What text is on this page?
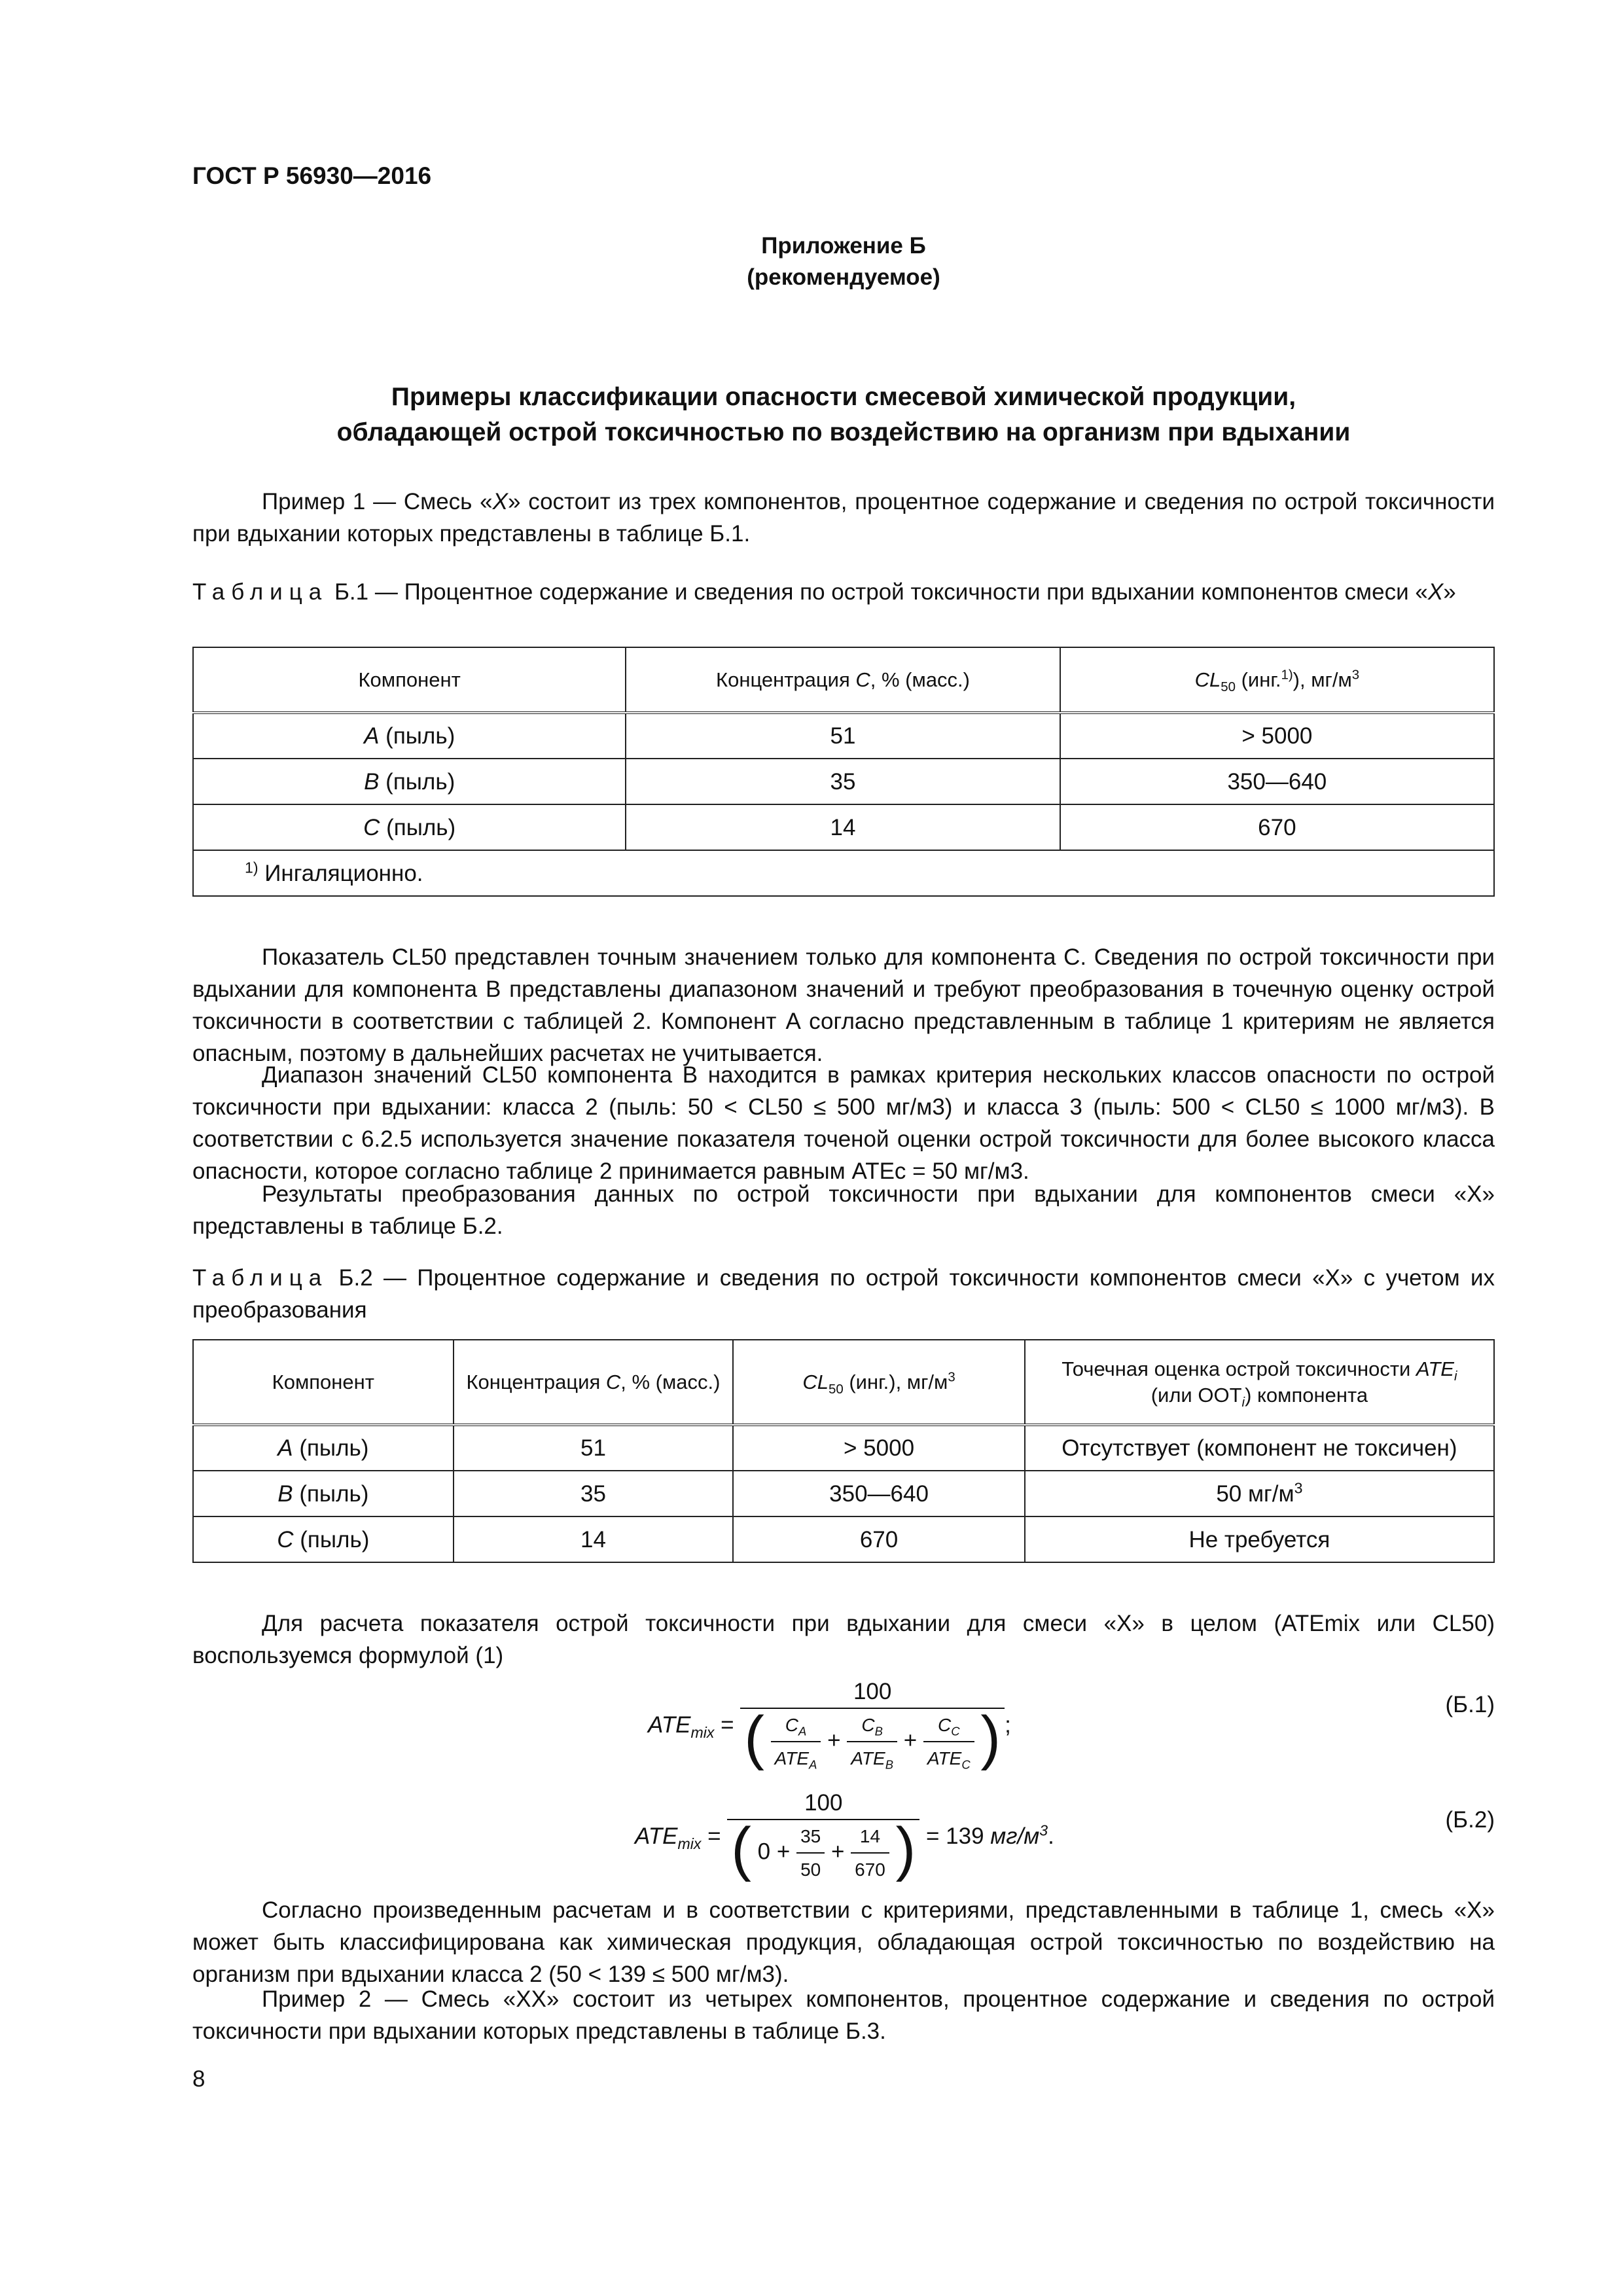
ГОСТ Р 56930—2016
Приложение Б
(рекомендуемое)
Примеры классификации опасности смесевой химической продукции,
обладающей острой токсичностью по воздействию на организм при вдыхании
Пример 1 — Смесь «X» состоит из трех компонентов, процентное содержание и сведения по острой токсичности при вдыхании которых представлены в таблице Б.1.
Таблица Б.1 — Процентное содержание и сведения по острой токсичности при вдыхании компонентов смеси «X»
Компонент	Концентрация C, % (масс.)	$CL_{50}$ (инг.$^{1)}$), $мг/м^3$
A (пыль)	51	> 5000
B (пыль)	35	350—640
C (пыль)	14	670
$^{1)}$ Ингаляционно.		
Показатель CL50 представлен точным значением только для компонента C. Сведения по острой токсичности при вдыхании для компонента B представлены диапазоном значений и требуют преобразования в точечную оценку острой токсичности в соответствии с таблицей 2. Компонент A согласно представленным в таблице 1 критериям не является опасным, поэтому в дальнейших расчетах не учитывается.
Диапазон значений CL50 компонента B находится в рамках критерия нескольких классов опасности по острой токсичности при вдыхании: класса 2 (пыль: 50 < CL50 ≤ 500 мг/м3) и класса 3 (пыль: 500 < CL50 ≤ 1000 мг/м3). В соответствии с 6.2.5 используется значение показателя точеной оценки острой токсичности для более высокого класса опасности, которое согласно таблице 2 принимается равным ATEc = 50 мг/м3.
Результаты преобразования данных по острой токсичности при вдыхании для компонентов смеси «X» представлены в таблице Б.2.
Таблица Б.2 — Процентное содержание и сведения по острой токсичности компонентов смеси «Х» с учетом их преобразования
Компонент	Концентрация C, % (масс.)	$CL_{50}$ (инг.), $мг/м^3$	Точечная оценка острой токсичности $ATE_i$
(или $ООТ_i$) компонента
A (пыль)	51	> 5000	Отсутствует (компонент не токсичен)
B (пыль)	35	350—640	50 $мг/м^3$
C (пыль)	14	670	Не требуется
Для расчета показателя острой токсичности при вдыхании для смеси «X» в целом (ATEmix или CL50) воспользуемся формулой (1)
$ATE_{mix}$ =
100
( $\frac{C_A}{ATE_A} + \frac{C_B}{ATE_B} + \frac{C_C}{ATE_C}$ ) ;
(Б.1)
$ATE_{mix}$ =
100
( $0 + \frac{35}{50} + \frac{14}{670}$ ) = 139 $мг/м^3$.
(Б.2)
Согласно произведенным расчетам и в соответствии с критериями, представленными в таблице 1, смесь «X» может быть классифицирована как химическая продукция, обладающая острой токсичностью по воздействию на организм при вдыхании класса 2 (50 < 139 ≤ 500 мг/м3).
Пример 2 — Смесь «XX» состоит из четырех компонентов, процентное содержание и сведения по острой токсичности при вдыхании которых представлены в таблице Б.3.
8
